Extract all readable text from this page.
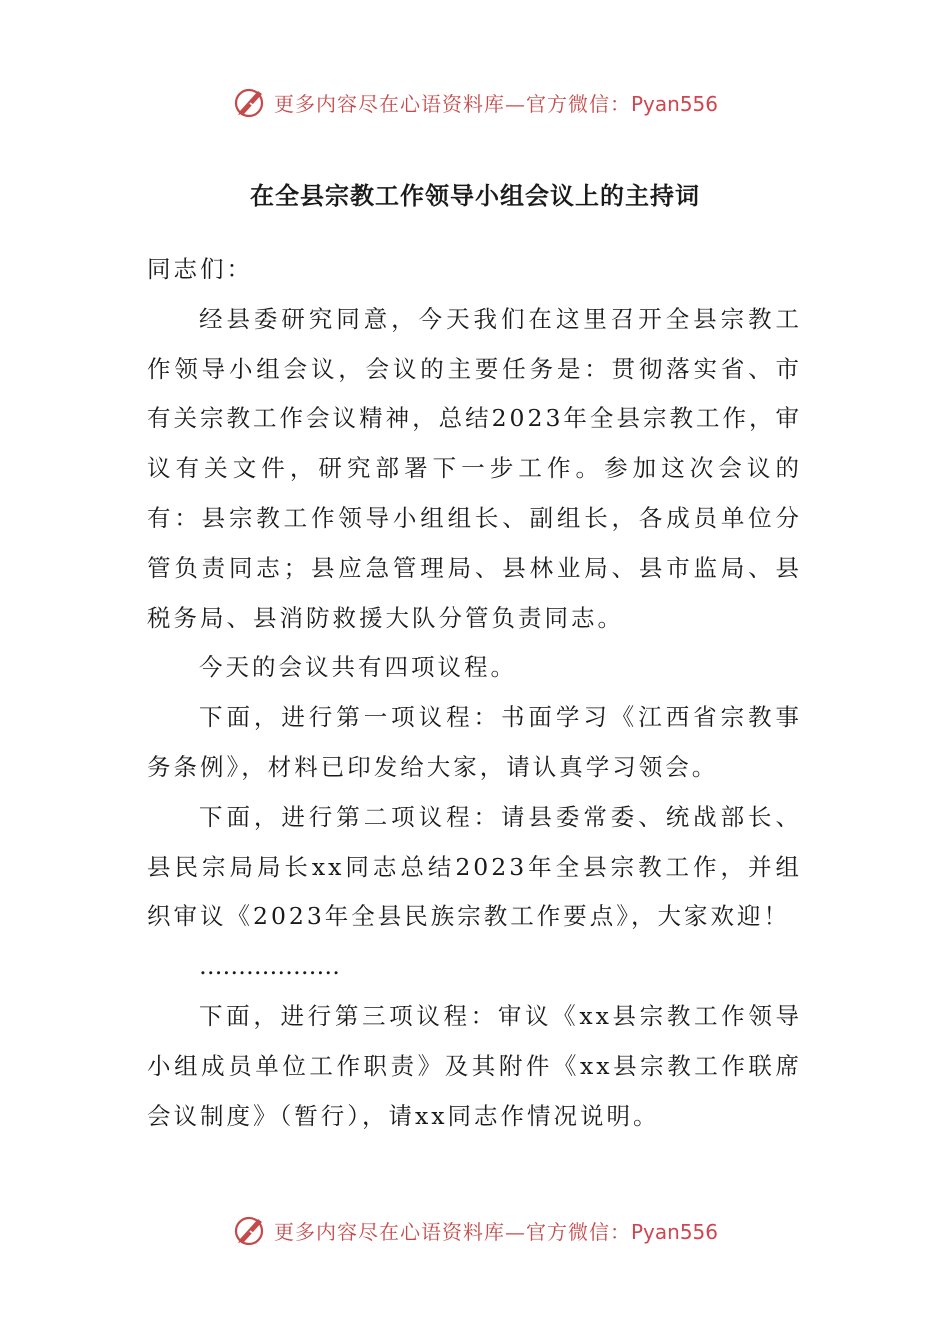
更多内容尽在心语资料库—官方微信：Pyan556
在全县宗教工作领导小组会议上的主持词

同志们：

经县委研究同意，今天我们在这里召开全县宗教工作领导小组会议，会议的主要任务是：贯彻落实省、市有关宗教工作会议精神，总结2023年全县宗教工作，审议有关文件，研究部署下一步工作。参加这次会议的有：县宗教工作领导小组组长、副组长，各成员单位分管负责同志；县应急管理局、县林业局、县市监局、县税务局、县消防救援大队分管负责同志。

今天的会议共有四项议程。

下面，进行第一项议程：书面学习《江西省宗教事务条例》，材料已印发给大家，请认真学习领会。

下面，进行第二项议程：请县委常委、统战部长、县民宗局局长xx同志总结2023年全县宗教工作，并组织审议《2023年全县民族宗教工作要点》，大家欢迎！

………………

下面，进行第三项议程：审议《xx县宗教工作领导小组成员单位工作职责》及其附件《xx县宗教工作联席会议制度》（暂行），请xx同志作情况说明。

更多内容尽在心语资料库—官方微信：Pyan556
